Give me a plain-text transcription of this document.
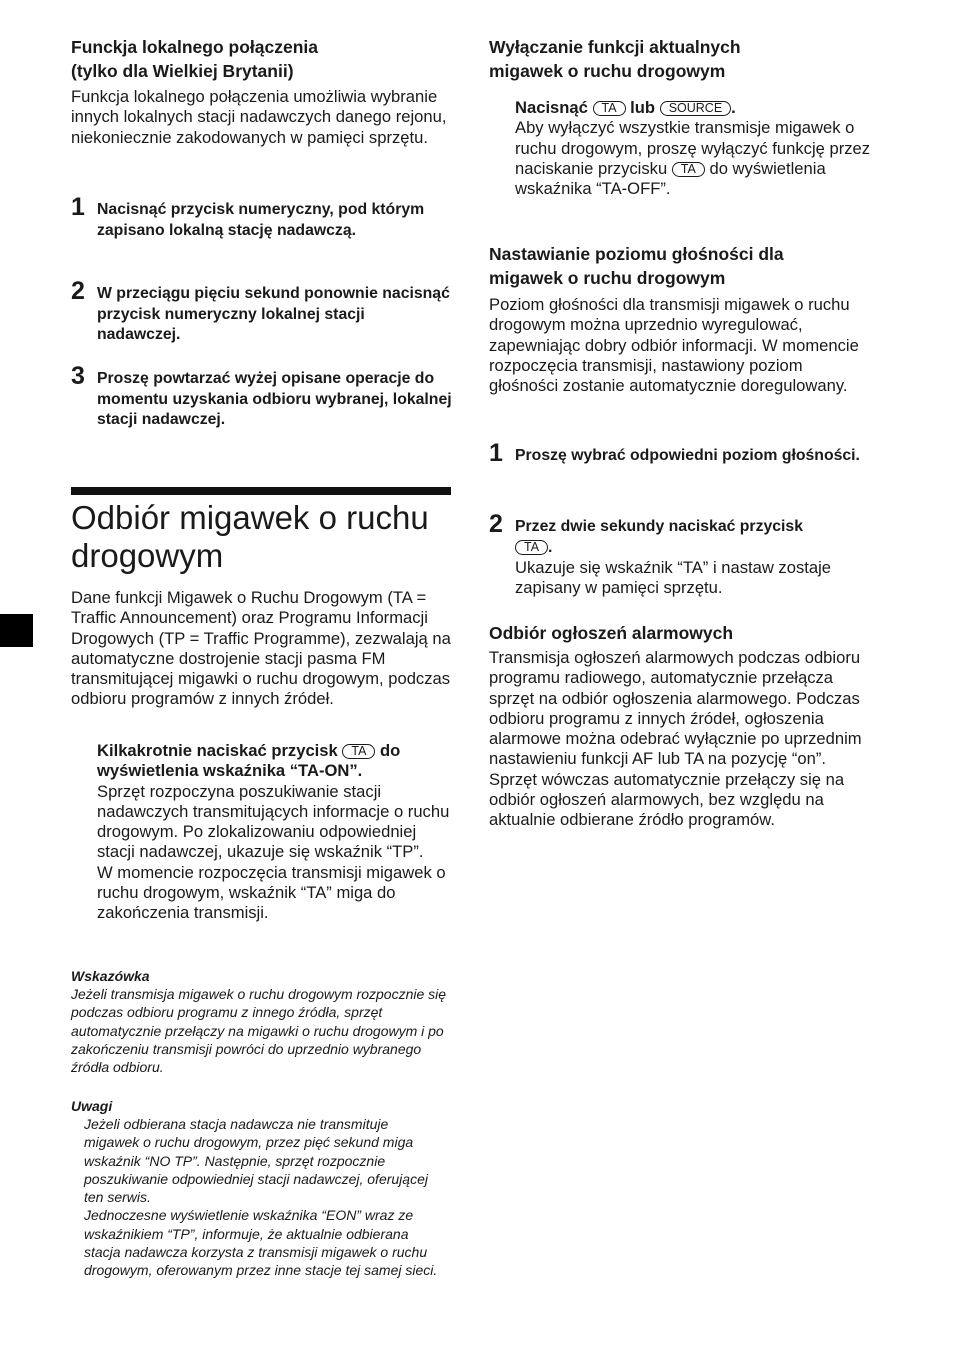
Funckja lokalnego połączenia
(tylko dla Wielkiej Brytanii)
Funkcja lokalnego połączenia umożliwia wybranie innych lokalnych stacji nadawczych danego rejonu, niekoniecznie zakodowanych w pamięci sprzętu.
1 Nacisnąć przycisk numeryczny, pod którym zapisano lokalną stację nadawczą.
2 W przeciągu pięciu sekund ponownie nacisnąć przycisk numeryczny lokalnej stacji nadawczej.
3 Proszę powtarzać wyżej opisane operacje do momentu uzyskania odbioru wybranej, lokalnej stacji nadawczej.
Odbiór migawek o ruchu drogowym
Dane funkcji Migawek o Ruchu Drogowym (TA = Traffic Announcement) oraz Programu Informacji Drogowych (TP = Traffic Programme), zezwalają na automatyczne dostrojenie stacji pasma FM transmitującej migawki o ruchu drogowym, podczas odbioru programów z innych źródeł.
Kilkakrotnie naciskać przycisk TA do wyświetlenia wskaźnika “TA-ON”.
Sprzęt rozpoczyna poszukiwanie stacji nadawczych transmitujących informacje o ruchu drogowym. Po zlokalizowaniu odpowiedniej stacji nadawczej, ukazuje się wskaźnik “TP”.
W momencie rozpoczęcia transmisji migawek o ruchu drogowym, wskaźnik “TA” miga do zakończenia transmisji.
Wskazówka
Jeżeli transmisja migawek o ruchu drogowym rozpocznie się podczas odbioru programu z innego źródła, sprzęt automatycznie przełączy na migawki o ruchu drogowym i po zakończeniu transmisji powróci do uprzednio wybranego źródła odbioru.
Uwagi
Jeżeli odbierana stacja nadawcza nie transmituje migawek o ruchu drogowym, przez pięć sekund miga wskaźnik “NO TP”. Następnie, sprzęt rozpocznie poszukiwanie odpowiedniej stacji nadawczej, oferującej ten serwis.
Jednoczesne wyświetlenie wskaźnika “EON” wraz ze wskaźnikiem “TP”, informuje, że aktualnie odbierana stacja nadawcza korzysta z transmisji migawek o ruchu drogowym, oferowanym przez inne stacje tej samej sieci.
Wyłączanie funkcji aktualnych
migawek o ruchu drogowym
Nacisnąć TA lub SOURCE .
Aby wyłączyć wszystkie transmisje migawek o ruchu drogowym, proszę wyłączyć funkcję przez naciskanie przycisku TA do wyświetlenia wskaźnika “TA-OFF”.
Nastawianie poziomu głośności dla
migawek o ruchu drogowym
Poziom głośności dla transmisji migawek o ruchu drogowym można uprzednio wyregulować, zapewniając dobry odbiór informacji. W momencie rozpoczęcia transmisji, nastawiony poziom głośności zostanie automatycznie doregulowany.
1 Proszę wybrać odpowiedni poziom głośności.
2 Przez dwie sekundy naciskać przycisk
TA .
Ukazuje się wskaźnik “TA” i nastaw zostaje zapisany w pamięci sprzętu.
Odbiór ogłoszeń alarmowych
Transmisja ogłoszeń alarmowych podczas odbioru programu radiowego, automatycznie przełącza sprzęt na odbiór ogłoszenia alarmowego. Podczas odbioru programu z innych źródeł, ogłoszenia alarmowe można odebrać wyłącznie po uprzednim nastawieniu funkcji AF lub TA na pozycję “on”. Sprzęt wówczas automatycznie przełączy się na odbiór ogłoszeń alarmowych, bez względu na aktualnie odbierane źródło programów.
